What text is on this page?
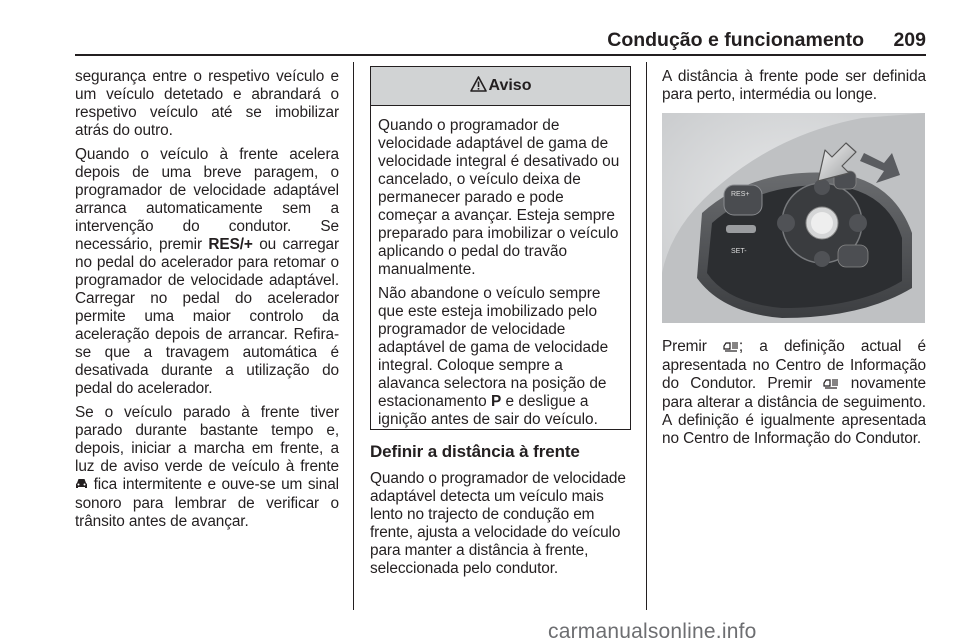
Condução e funcionamento 209

segurança entre o respetivo veículo e um veículo detetado e abrandará o respetivo veículo até se imobilizar atrás do outro.

Quando o veículo à frente acelera depois de uma breve paragem, o programador de velocidade adaptável arranca automaticamente sem a intervenção do condutor. Se necessário, premir RES/+ ou carregar no pedal do acelerador para retomar o programador de velocidade adaptável. Carregar no pedal do acelerador permite uma maior controlo da aceleração depois de arrancar. Refira-se que a travagem automática é desativada durante a utilização do pedal do acelerador.

Se o veículo parado à frente tiver parado durante bastante tempo e, depois, iniciar a marcha em frente, a luz de aviso verde de veículo à frente  fica intermitente e ouve-se um sinal sonoro para lembrar de verificar o trânsito antes de avançar.

Aviso

Quando o programador de velocidade adaptável de gama de velocidade integral é desativado ou cancelado, o veículo deixa de permanecer parado e pode começar a avançar. Esteja sempre preparado para imobilizar o veículo aplicando o pedal do travão manualmente.

Não abandone o veículo sempre que este esteja imobilizado pelo programador de velocidade adaptável de gama de velocidade integral. Coloque sempre a alavanca selectora na posição de estacionamento P e desligue a ignição antes de sair do veículo.

Definir a distância à frente

Quando o programador de velocidade adaptável detecta um veículo mais lento no trajecto de condução em frente, ajusta a velocidade do veículo para manter a distância à frente, seleccionada pelo condutor.

A distância à frente pode ser definida para perto, intermédia ou longe.

RES+
SET-

Premir ; a definição actual é apresentada no Centro de Informação do Condutor. Premir  novamente para alterar a distância de seguimento. A definição é igualmente apresentada no Centro de Informação do Condutor.

carmanualsonline.info
